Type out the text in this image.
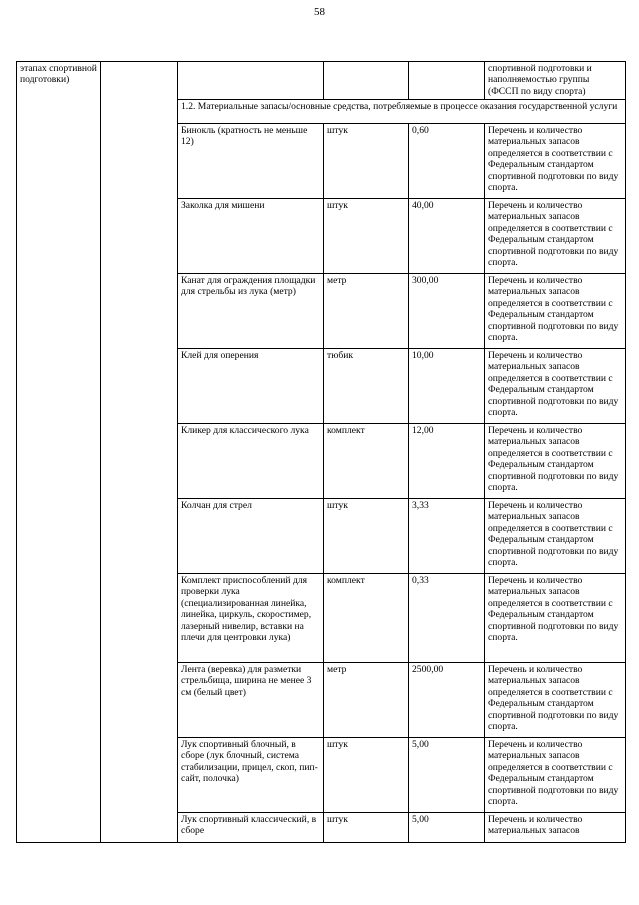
58
этапах спортивной подготовки)					спортивной подготовки и наполняемостью группы (ФССП по виду спорта)
		1.2. Материальные запасы/основные средства, потребляемые в процессе оказания государственной услуги			
		Бинокль (кратность не меньше 12)	штук	0,60	Перечень и количество материальных запасов определяется в соответствии с Федеральным стандартом спортивной подготовки по виду спорта.
		Заколка для мишени	штук	40,00	Перечень и количество материальных запасов определяется в соответствии с Федеральным стандартом спортивной подготовки по виду спорта.
		Канат для ограждения площадки для стрельбы из лука (метр)	метр	300,00	Перечень и количество материальных запасов определяется в соответствии с Федеральным стандартом спортивной подготовки по виду спорта.
		Клей для оперения	тюбик	10,00	Перечень и количество материальных запасов определяется в соответствии с Федеральным стандартом спортивной подготовки по виду спорта.
		Кликер для классического лука	комплект	12,00	Перечень и количество материальных запасов определяется в соответствии с Федеральным стандартом спортивной подготовки по виду спорта.
		Колчан для стрел	штук	3,33	Перечень и количество материальных запасов определяется в соответствии с Федеральным стандартом спортивной подготовки по виду спорта.
		Комплект приспособлений для проверки лука (специализированная линейка, линейка, циркуль, скоростимер, лазерный нивелир, вставки на плечи для центровки лука)	комплект	0,33	Перечень и количество материальных запасов определяется в соответствии с Федеральным стандартом спортивной подготовки по виду спорта.
		Лента (веревка) для разметки стрельбища, ширина не менее 3 см (белый цвет)	метр	2500,00	Перечень и количество материальных запасов определяется в соответствии с Федеральным стандартом спортивной подготовки по виду спорта.
		Лук спортивный блочный, в сборе (лук блочный, система стабилизации, прицел, скоп, пип-сайт, полочка)	штук	5,00	Перечень и количество материальных запасов определяется в соответствии с Федеральным стандартом спортивной подготовки по виду спорта.
		Лук спортивный классический, в сборе	штук	5,00	Перечень и количество материальных запасов
